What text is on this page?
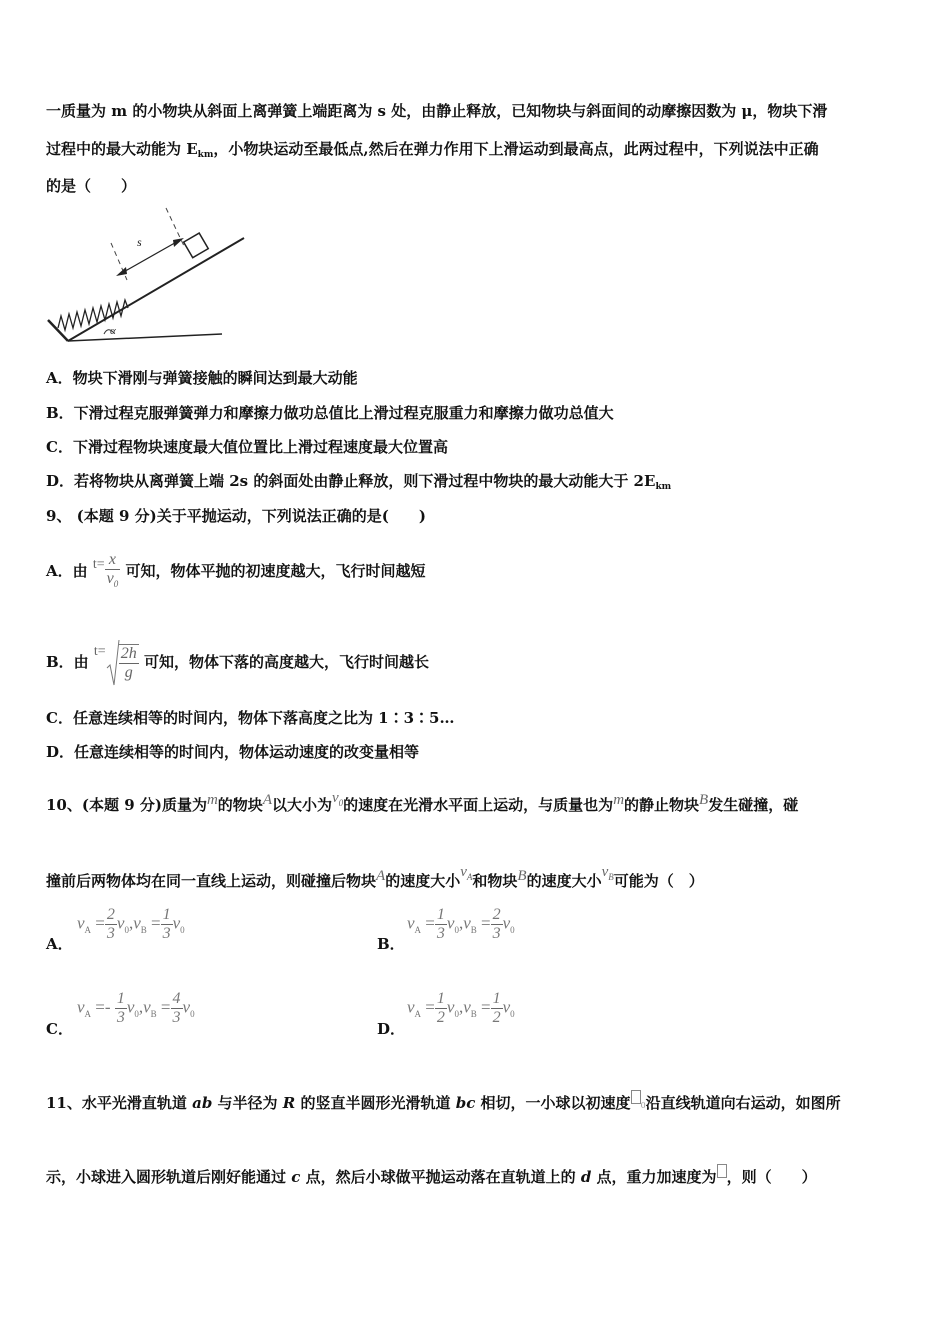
一质量为 m 的小物块从斜面上离弹簧上端距离为 s 处，由静止释放，已知物块与斜面间的动摩擦因数为 μ，物块下滑
过程中的最大动能为 $E_{km}$，小物块运动至最低点,然后在弹力作用下上滑运动到最高点，此两过程中，下列说法中正确
的是（　　）
α
s
A．物块下滑刚与弹簧接触的瞬间达到最大动能
B．下滑过程克服弹簧弹力和摩擦力做功总值比上滑过程克服重力和摩擦力做功总值大
C．下滑过程物块速度最大值位置比上滑过程速度最大位置高
D．若将物块从离弹簧上端 2s 的斜面处由静止释放，则下滑过程中物块的最大动能大于 $2E_{km}$
9、 (本题 9 分)关于平抛运动，下列说法正确的是(　　)
A．由 $t= \frac{x}{v_0}$ 可知，物体平抛的初速度越大，飞行时间越短
B．由 $t= \frac{2h}{g}$ 可知，物体下落的高度越大，飞行时间越长
C．任意连续相等的时间内，物体下落高度之比为 1∶3∶5…
D．任意连续相等的时间内，物体运动速度的改变量相等
10、(本题 9 分)质量为m的物块A以大小为$v_0$的速度在光滑水平面上运动，与质量也为m的静止物块B发生碰撞，碰
撞前后两物体均在同一直线上运动，则碰撞后物块A的速度大小$v_A$和物块B的速度大小$v_B$可能为（　）
A．
$v_A = \frac{2}{3} v_0,v_B = \frac{1}{3} v_0$
B．
$v_A = \frac{1}{3} v_0,v_B = \frac{2}{3} v_0$
C．
$v_A =- \frac{1}{3} v_0,v_B = \frac{4}{3} v_0$
D．
$v_A = \frac{1}{2} v_0,v_B = \frac{1}{2} v_0$
11、水平光滑直轨道 ab 与半径为 R 的竖直半圆形光滑轨道 bc 相切，一小球以初速度 0沿直线轨道向右运动，如图所
示，小球进入圆形轨道后刚好能通过 c 点，然后小球做平抛运动落在直轨道上的 d 点，重力加速度为 ，则（　　）
